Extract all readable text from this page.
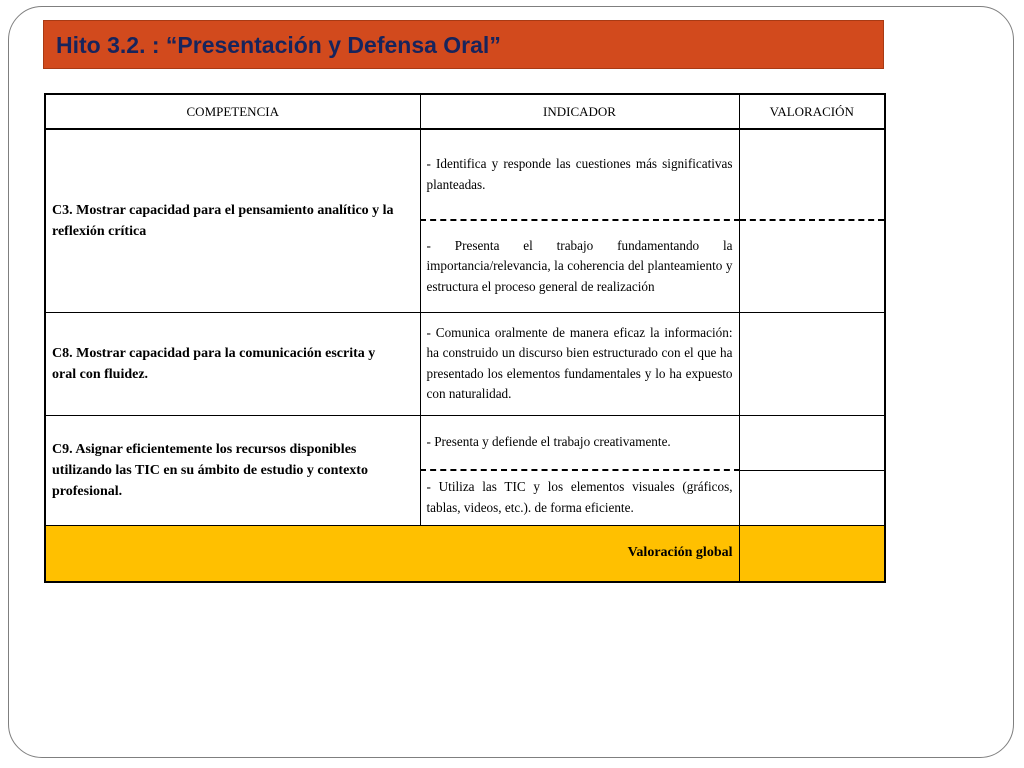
Hito 3.2. : “Presentación y Defensa Oral”
COMPETENCIA	INDICADOR	VALORACIÓN
C3. Mostrar capacidad para el pensamiento analítico y la reflexión crítica	- Identifica y responde las cuestiones más significativas planteadas.	
	- Presenta el trabajo fundamentando la importancia/relevancia, la coherencia del planteamiento y estructura el proceso general de realización	
C8. Mostrar capacidad para la comunicación escrita y oral con fluidez.	- Comunica oralmente de manera eficaz la información: ha construido un discurso bien estructurado con el que ha presentado los elementos fundamentales y lo ha expuesto con naturalidad.	
C9. Asignar eficientemente los recursos disponibles utilizando las TIC en su ámbito de estudio y contexto profesional.	- Presenta y defiende el trabajo creativamente.	
	- Utiliza las TIC y los elementos visuales (gráficos, tablas, videos, etc.). de forma eficiente.	
Valoración global		
